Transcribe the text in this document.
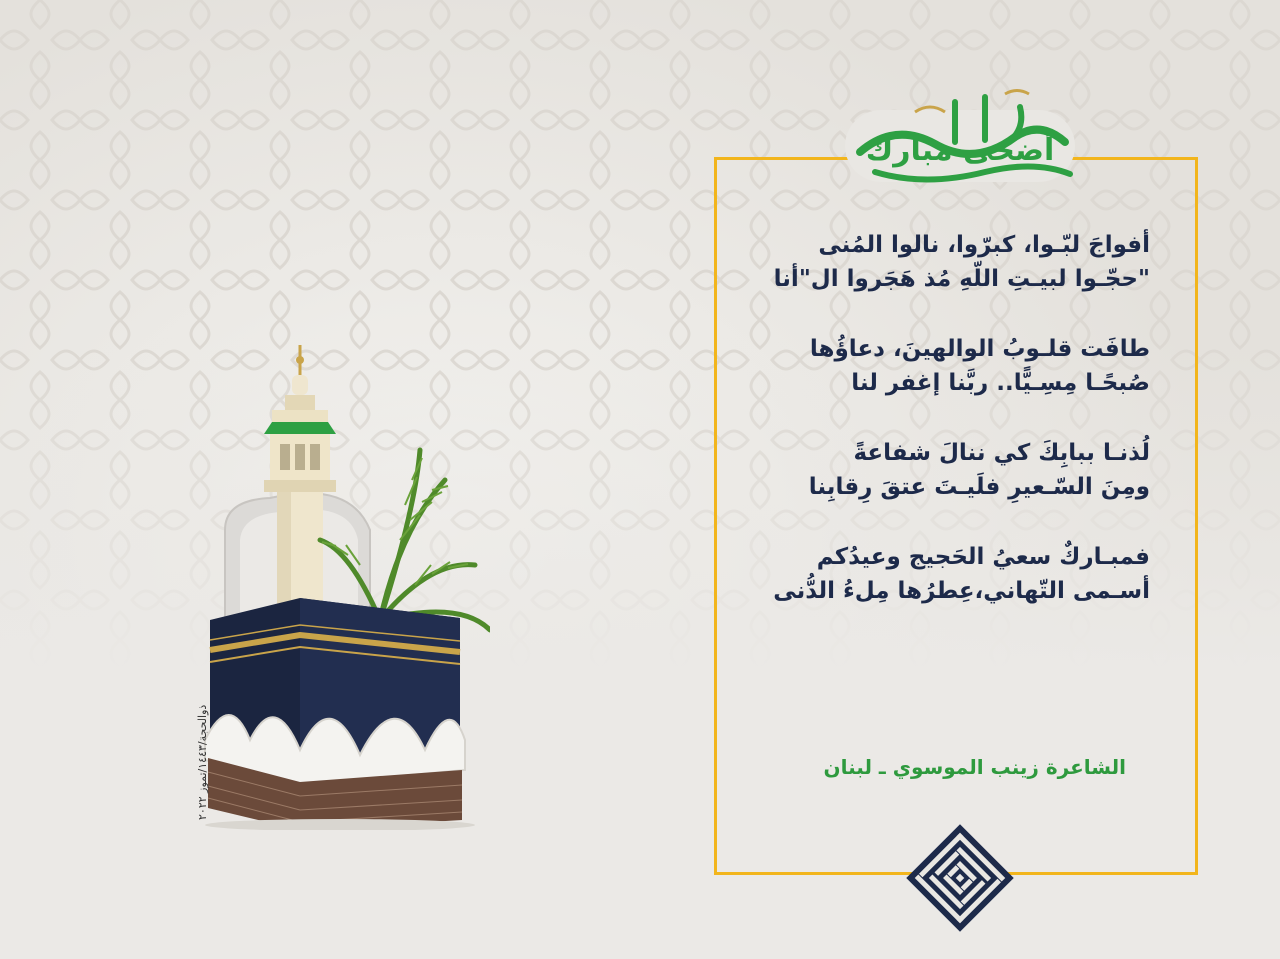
ذوالحجة/١٤٤٣/تموز ٢٠٢٢
أضحى مبارك
أفواجَ لبّـوا، كبرّوا، نالوا المُنى
"حجّـوا لبيـتِ اللّهِ مُذ هَجَروا ال"أنا
طافَت قلـوبُ الوالهينَ، دعاؤُها
صُبحًـا مِسِـيًّا.. ربَّنا إغفر لنا
لُذنـا ببابِكَ كي ننالَ شفاعةً
ومِنَ السّـعيرِ فلَيـتَ عتقَ رِقابِنا
فمبـاركٌ سعيُ الحَجيج وعيدُكم
أسـمى التّهاني،عِطرُها مِلءُ الدُّنى
الشاعرة زينب الموسوي ـ لبنان
